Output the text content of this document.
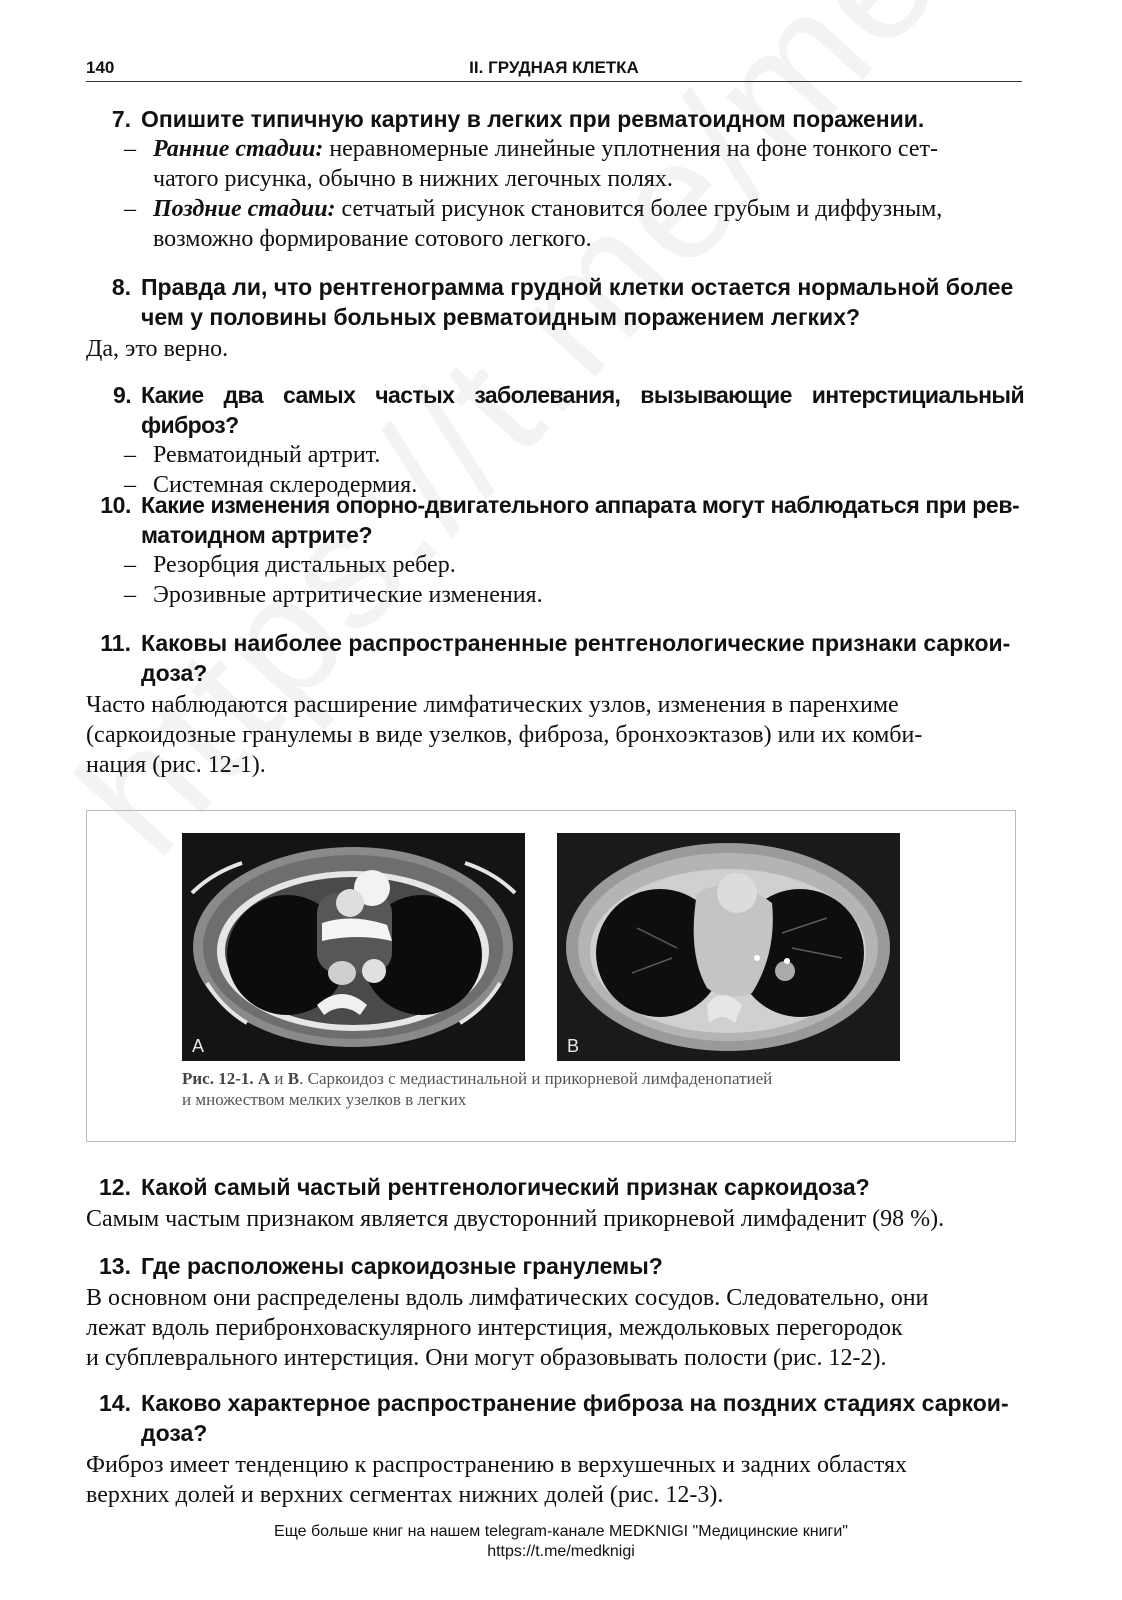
140	II. ГРУДНАЯ КЛЕТКА
7. Опишите типичную картину в легких при ревматоидном поражении.
– Ранние стадии: неравномерные линейные уплотнения на фоне тонкого сет-
чатого рисунка, обычно в нижних легочных полях.
– Поздние стадии: сетчатый рисунок становится более грубым и диффузным,
возможно формирование сотового легкого.
8. Правда ли, что рентгенограмма грудной клетки остается нормальной более
чем у половины больных ревматоидным поражением легких?
Да, это верно.
9. Какие два самых частых заболевания, вызывающие интерстициальный фиброз?
– Ревматоидный артрит.
– Системная склеродермия.
10. Какие изменения опорно-двигательного аппарата могут наблюдаться при рев-
матоидном артрите?
– Резорбция дистальных ребер.
– Эрозивные артритические изменения.
11. Каковы наиболее распространенные рентгенологические признаки саркои-
доза?
Часто наблюдаются расширение лимфатических узлов, изменения в паренхиме
(саркоидозные гранулемы в виде узелков, фиброза, бронхоэктазов) или их комби-
нация (рис. 12-1).
A	B
Рис. 12-1. А и В. Саркоидоз с медиастинальной и прикорневой лимфаденопатией
и множеством мелких узелков в легких
12. Какой самый частый рентгенологический признак саркоидоза?
Самым частым признаком является двусторонний прикорневой лимфаденит (98 %).
13. Где расположены саркоидозные гранулемы?
В основном они распределены вдоль лимфатических сосудов. Следовательно, они
лежат вдоль перибронховаскулярного интерстиция, междольковых перегородок
и субплеврального интерстиция. Они могут образовывать полости (рис. 12-2).
14. Каково характерное распространение фиброза на поздних стадиях саркои-
доза?
Фиброз имеет тенденцию к распространению в верхушечных и задних областях
верхних долей и верхних сегментах нижних долей (рис. 12-3).
Еще больше книг на нашем telegram-канале MEDKNIGI "Медицинские книги"
https://t.me/medknigi
